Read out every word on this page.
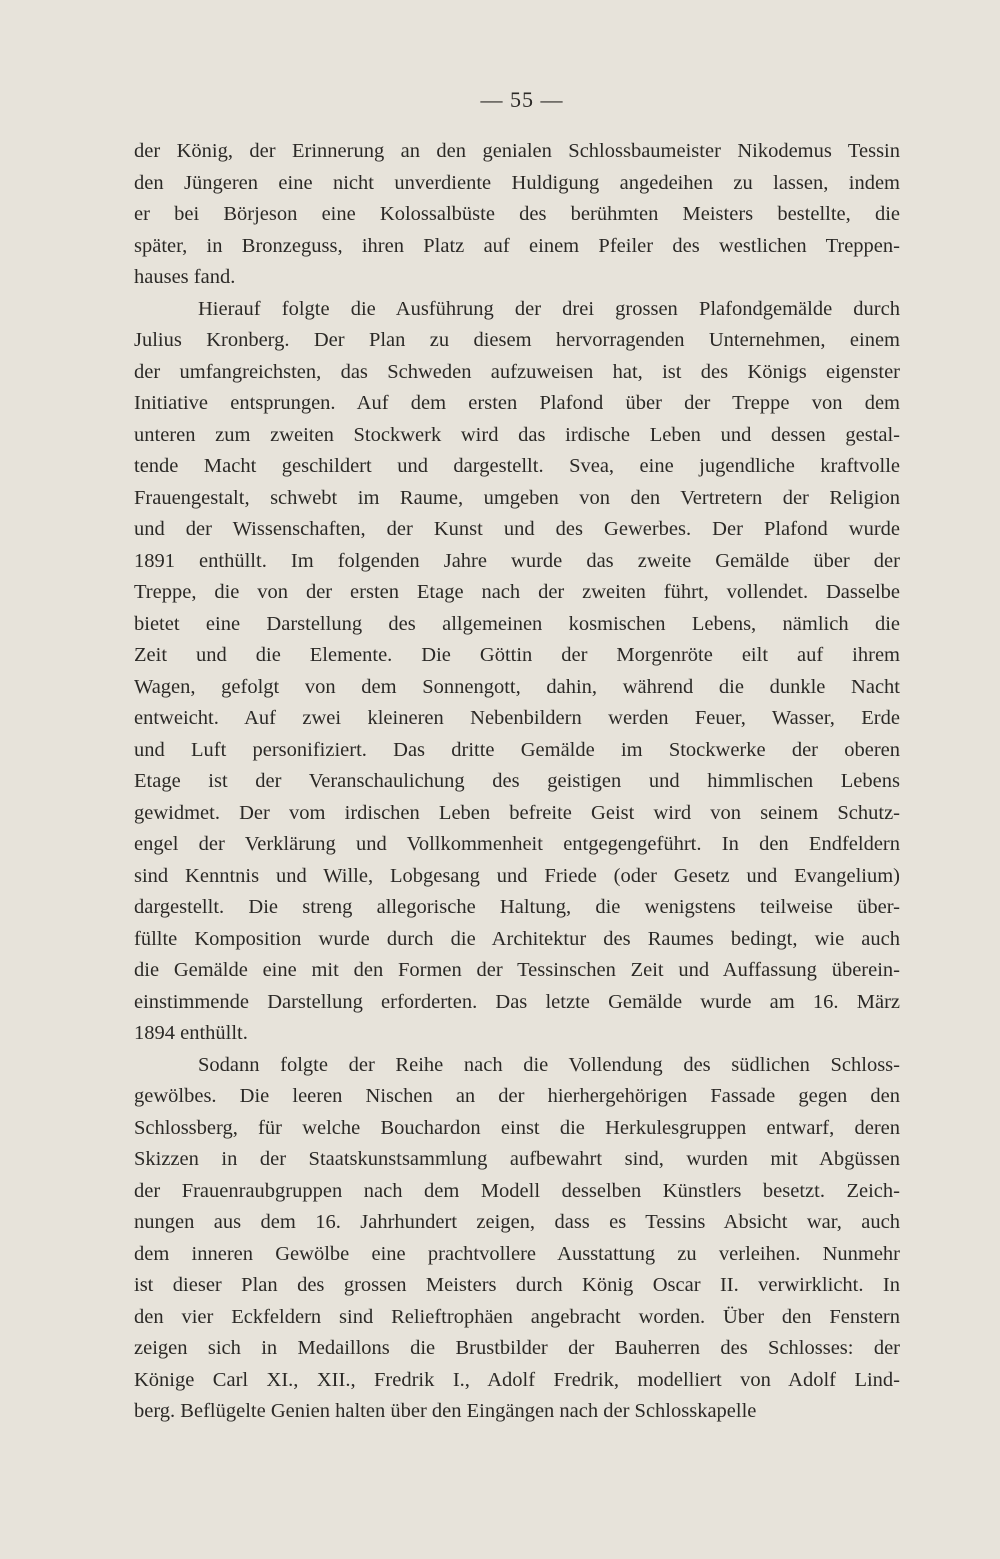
— 55 —
der König, der Erinnerung an den genialen Schlossbaumeister Nikodemus Tessin
den Jüngeren eine nicht unverdiente Huldigung angedeihen zu lassen, indem
er bei Börjeson eine Kolossalbüste des berühmten Meisters bestellte, die
später, in Bronzeguss, ihren Platz auf einem Pfeiler des westlichen Treppen-
hauses fand.
Hierauf folgte die Ausführung der drei grossen Plafondgemälde durch
Julius Kronberg. Der Plan zu diesem hervorragenden Unternehmen, einem
der umfangreichsten, das Schweden aufzuweisen hat, ist des Königs eigenster
Initiative entsprungen. Auf dem ersten Plafond über der Treppe von dem
unteren zum zweiten Stockwerk wird das irdische Leben und dessen gestal-
tende Macht geschildert und dargestellt. Svea, eine jugendliche kraftvolle
Frauengestalt, schwebt im Raume, umgeben von den Vertretern der Religion
und der Wissenschaften, der Kunst und des Gewerbes. Der Plafond wurde
1891 enthüllt. Im folgenden Jahre wurde das zweite Gemälde über der
Treppe, die von der ersten Etage nach der zweiten führt, vollendet. Dasselbe
bietet eine Darstellung des allgemeinen kosmischen Lebens, nämlich die
Zeit und die Elemente. Die Göttin der Morgenröte eilt auf ihrem
Wagen, gefolgt von dem Sonnengott, dahin, während die dunkle Nacht
entweicht. Auf zwei kleineren Nebenbildern werden Feuer, Wasser, Erde
und Luft personifiziert. Das dritte Gemälde im Stockwerke der oberen
Etage ist der Veranschaulichung des geistigen und himmlischen Lebens
gewidmet. Der vom irdischen Leben befreite Geist wird von seinem Schutz-
engel der Verklärung und Vollkommenheit entgegengeführt. In den Endfeldern
sind Kenntnis und Wille, Lobgesang und Friede (oder Gesetz und Evangelium)
dargestellt. Die streng allegorische Haltung, die wenigstens teilweise über-
füllte Komposition wurde durch die Architektur des Raumes bedingt, wie auch
die Gemälde eine mit den Formen der Tessinschen Zeit und Auffassung überein-
einstimmende Darstellung erforderten. Das letzte Gemälde wurde am 16. März
1894 enthüllt.
Sodann folgte der Reihe nach die Vollendung des südlichen Schloss-
gewölbes. Die leeren Nischen an der hierhergehörigen Fassade gegen den
Schlossberg, für welche Bouchardon einst die Herkulesgruppen entwarf, deren
Skizzen in der Staatskunstsammlung aufbewahrt sind, wurden mit Abgüssen
der Frauenraubgruppen nach dem Modell desselben Künstlers besetzt. Zeich-
nungen aus dem 16. Jahrhundert zeigen, dass es Tessins Absicht war, auch
dem inneren Gewölbe eine prachtvollere Ausstattung zu verleihen. Nunmehr
ist dieser Plan des grossen Meisters durch König Oscar II. verwirklicht. In
den vier Eckfeldern sind Relieftrophäen angebracht worden. Über den Fenstern
zeigen sich in Medaillons die Brustbilder der Bauherren des Schlosses: der
Könige Carl XI., XII., Fredrik I., Adolf Fredrik, modelliert von Adolf Lind-
berg. Beflügelte Genien halten über den Eingängen nach der Schlosskapelle
